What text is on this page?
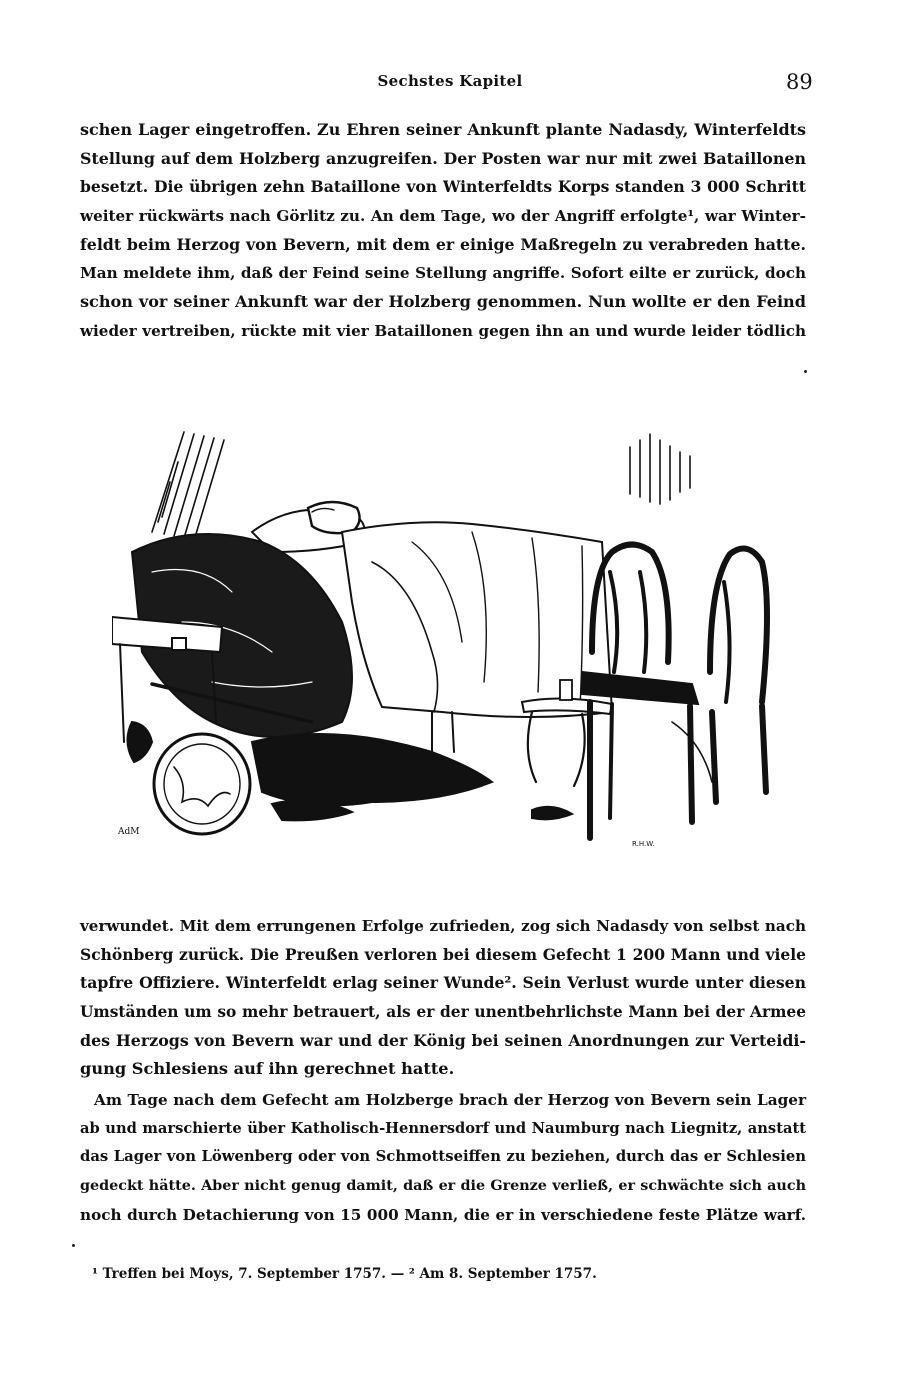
Sechstes Kapitel	89
schen Lager eingetroffen. Zu Ehren seiner Ankunft plante Nadasdy, Winterfeldts
Stellung auf dem Holzberg anzugreifen. Der Posten war nur mit zwei Bataillonen
besetzt. Die übrigen zehn Bataillone von Winterfeldts Korps standen 3 000 Schritt
weiter rückwärts nach Görlitz zu. An dem Tage, wo der Angriff erfolgte¹, war Winter-
feldt beim Herzog von Bevern, mit dem er einige Maßregeln zu verabreden hatte.
Man meldete ihm, daß der Feind seine Stellung angriffe. Sofort eilte er zurück, doch
schon vor seiner Ankunft war der Holzberg genommen. Nun wollte er den Feind
wieder vertreiben, rückte mit vier Bataillonen gegen ihn an und wurde leider tödlich
AdM
R.H.W.
verwundet. Mit dem errungenen Erfolge zufrieden, zog sich Nadasdy von selbst nach
Schönberg zurück. Die Preußen verloren bei diesem Gefecht 1 200 Mann und viele
tapfre Offiziere. Winterfeldt erlag seiner Wunde². Sein Verlust wurde unter diesen
Umständen um so mehr betrauert, als er der unentbehrlichste Mann bei der Armee
des Herzogs von Bevern war und der König bei seinen Anordnungen zur Verteidi-
gung Schlesiens auf ihn gerechnet hatte.
Am Tage nach dem Gefecht am Holzberge brach der Herzog von Bevern sein Lager
ab und marschierte über Katholisch-Hennersdorf und Naumburg nach Liegnitz, anstatt
das Lager von Löwenberg oder von Schmottseiffen zu beziehen, durch das er Schlesien
gedeckt hätte. Aber nicht genug damit, daß er die Grenze verließ, er schwächte sich auch
noch durch Detachierung von 15 000 Mann, die er in verschiedene feste Plätze warf.
¹ Treffen bei Moys, 7. September 1757. — ² Am 8. September 1757.
